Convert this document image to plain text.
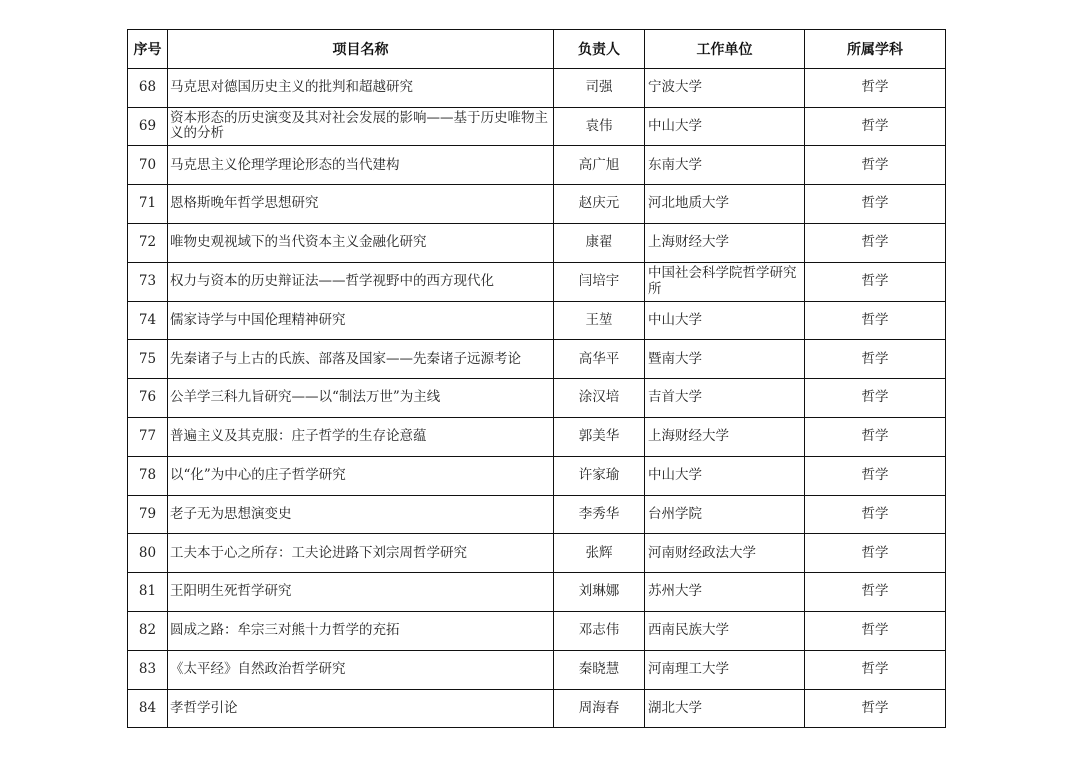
序号	项目名称	负责人	工作单位	所属学科
68	马克思对德国历史主义的批判和超越研究	司强	宁波大学	哲学
69	资本形态的历史演变及其对社会发展的影响——基于历史唯物主义的分析	袁伟	中山大学	哲学
70	马克思主义伦理学理论形态的当代建构	高广旭	东南大学	哲学
71	恩格斯晚年哲学思想研究	赵庆元	河北地质大学	哲学
72	唯物史观视域下的当代资本主义金融化研究	康翟	上海财经大学	哲学
73	权力与资本的历史辩证法——哲学视野中的西方现代化	闫培宇	中国社会科学院哲学研究所	哲学
74	儒家诗学与中国伦理精神研究	王堃	中山大学	哲学
75	先秦诸子与上古的氏族、部落及国家——先秦诸子远源考论	高华平	暨南大学	哲学
76	公羊学三科九旨研究——以“制法万世”为主线	涂汉培	吉首大学	哲学
77	普遍主义及其克服：庄子哲学的生存论意蕴	郭美华	上海财经大学	哲学
78	以“化”为中心的庄子哲学研究	许家瑜	中山大学	哲学
79	老子无为思想演变史	李秀华	台州学院	哲学
80	工夫本于心之所存：工夫论进路下刘宗周哲学研究	张辉	河南财经政法大学	哲学
81	王阳明生死哲学研究	刘琳娜	苏州大学	哲学
82	圆成之路：牟宗三对熊十力哲学的充拓	邓志伟	西南民族大学	哲学
83	《太平经》自然政治哲学研究	秦晓慧	河南理工大学	哲学
84	孝哲学引论	周海春	湖北大学	哲学
